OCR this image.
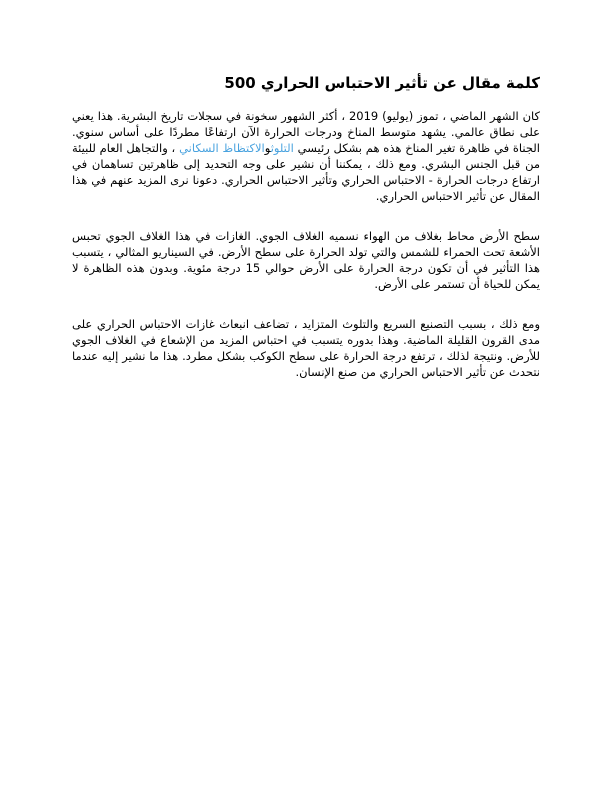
كلمة مقال عن تأثير الاحتباس الحراري 500

كان الشهر الماضي ، تموز (يوليو) 2019 ، أكثر الشهور سخونة في سجلات تاريخ البشرية. هذا يعني على نطاق عالمي. يشهد متوسط المناخ ودرجات الحرارة الآن ارتفاعًا مطردًا على أساس سنوي. الجناة في ظاهرة تغير المناخ هذه هم بشكل رئيسي التلوثوالاكتظاظ السكاني ، والتجاهل العام للبيئة من قبل الجنس البشري. ومع ذلك ، يمكننا أن نشير على وجه التحديد إلى ظاهرتين تساهمان في ارتفاع درجات الحرارة - الاحتباس الحراري وتأثير الاحتباس الحراري. دعونا نرى المزيد عنهم في هذا المقال عن تأثير الاحتباس الحراري.

سطح الأرض محاط بغلاف من الهواء نسميه الغلاف الجوي. الغازات في هذا الغلاف الجوي تحبس الأشعة تحت الحمراء للشمس والتي تولد الحرارة على سطح الأرض. في السيناريو المثالي ، يتسبب هذا التأثير في أن تكون درجة الحرارة على الأرض حوالي 15 درجة مئوية. وبدون هذه الظاهرة لا يمكن للحياة أن تستمر على الأرض.

ومع ذلك ، بسبب التصنيع السريع والتلوث المتزايد ، تضاعف انبعاث غازات الاحتباس الحراري على مدى القرون القليلة الماضية. وهذا بدوره يتسبب في احتباس المزيد من الإشعاع في الغلاف الجوي للأرض. ونتيجة لذلك ، ترتفع درجة الحرارة على سطح الكوكب بشكل مطرد. هذا ما نشير إليه عندما نتحدث عن تأثير الاحتباس الحراري من صنع الإنسان.
